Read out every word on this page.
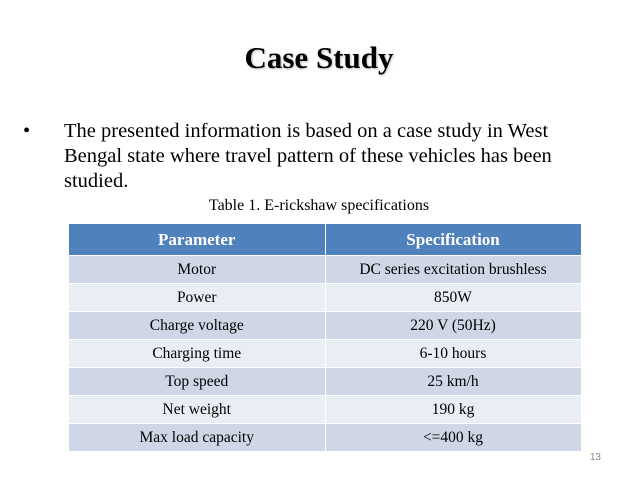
Case Study
•	The presented information is based on a case study in West Bengal state where travel pattern of these vehicles has been studied.
Table 1. E-rickshaw specifications
Parameter	Specification
Motor	DC series excitation brushless
Power	850W
Charge voltage	220 V (50Hz)
Charging time	6-10 hours
Top speed	25 km/h
Net weight	190 kg
Max load capacity	<=400 kg
13
